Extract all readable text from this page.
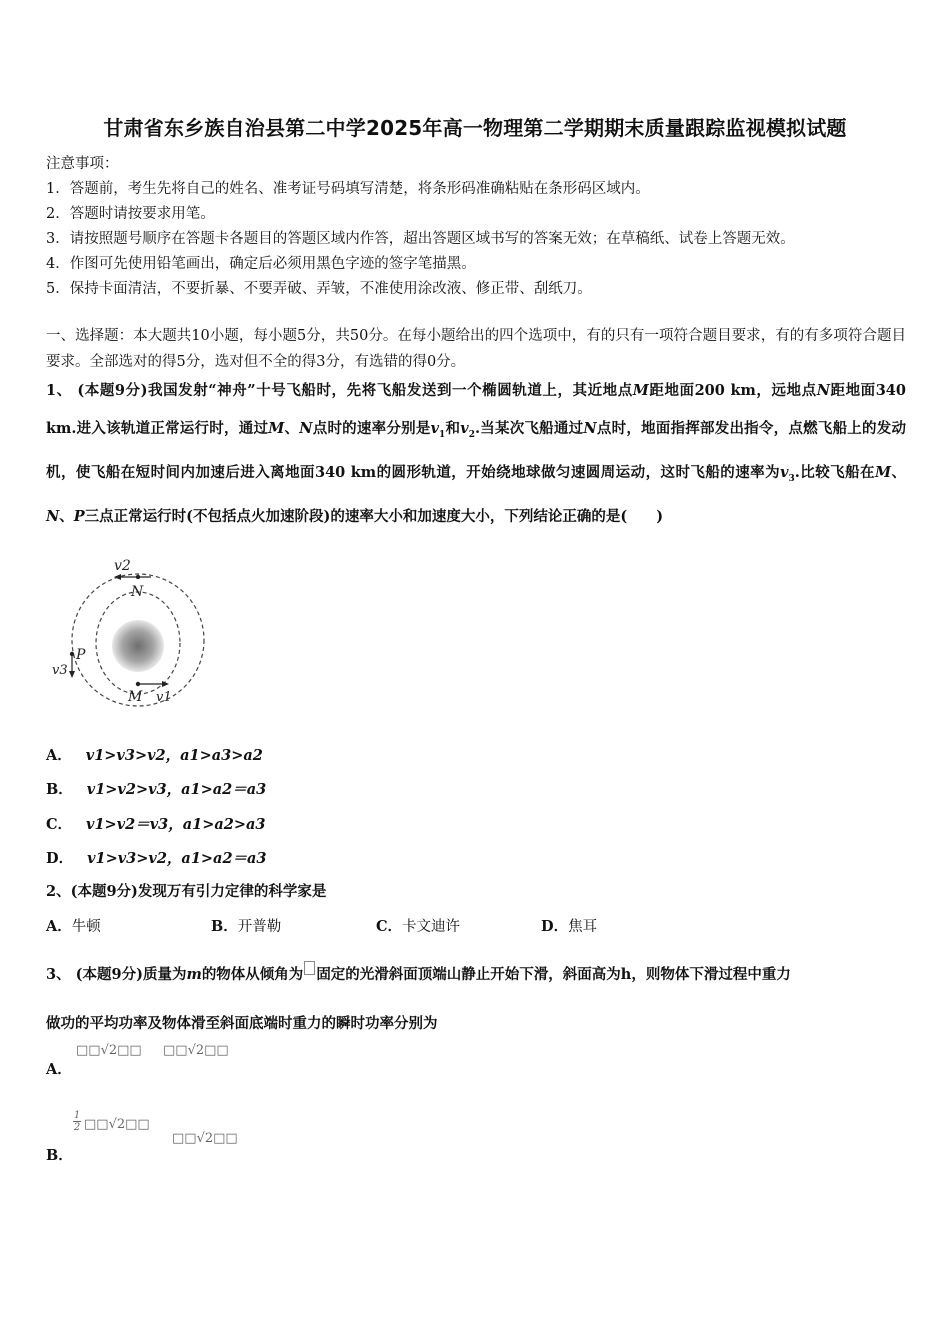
甘肃省东乡族自治县第二中学2025年高一物理第二学期期末质量跟踪监视模拟试题
注意事项：
1．答题前，考生先将自己的姓名、准考证号码填写清楚，将条形码准确粘贴在条形码区域内。
2．答题时请按要求用笔。
3．请按照题号顺序在答题卡各题目的答题区域内作答，超出答题区域书写的答案无效；在草稿纸、试卷上答题无效。
4．作图可先使用铅笔画出，确定后必须用黑色字迹的签字笔描黑。
5．保持卡面清洁，不要折暴、不要弄破、弄皱，不准使用涂改液、修正带、刮纸刀。
一、选择题：本大题共10小题，每小题5分，共50分。在每小题给出的四个选项中，有的只有一项符合题目要求，有的有多项符合题目要求。全部选对的得5分，选对但不全的得3分，有选错的得0分。
1、 (本题9分)我国发射“神舟”十号飞船时，先将飞船发送到一个椭圆轨道上，其近地点M距地面200 km，远地点N距地面340 km.进入该轨道正常运行时，通过M、N点时的速率分别是$v_1$和$v_2$.当某次飞船通过N点时，地面指挥部发出指令，点燃飞船上的发动机，使飞船在短时间内加速后进入离地面340 km的圆形轨道，开始绕地球做匀速圆周运动，这时飞船的速率为$v_3$.比较飞船在M、N、P三点正常运行时(不包括点火加速阶段)的速率大小和加速度大小，下列结论正确的是(　　)
v2
N
P
v3
M v1
A． v1>v3>v2，a1>a3>a2
B． v1>v2>v3，a1>a2＝a3
C． v1>v2＝v3，a1>a2>a3
D． v1>v3>v2，a1>a2＝a3
2、(本题9分)发现万有引力定律的科学家是
A．牛顿	B．开普勒	C．卡文迪许	D．焦耳
3、 (本题9分)质量为m的物体从倾角为 固定的光滑斜面顶端山静止开始下滑，斜面高为h，则物体下滑过程中重力
做功的平均功率及物体滑至斜面底端时重力的瞬时功率分别为
A．
□□√2□□ □□√2□□
B．
$\frac{1}{2}$ □□√2□□
□□√2□□
